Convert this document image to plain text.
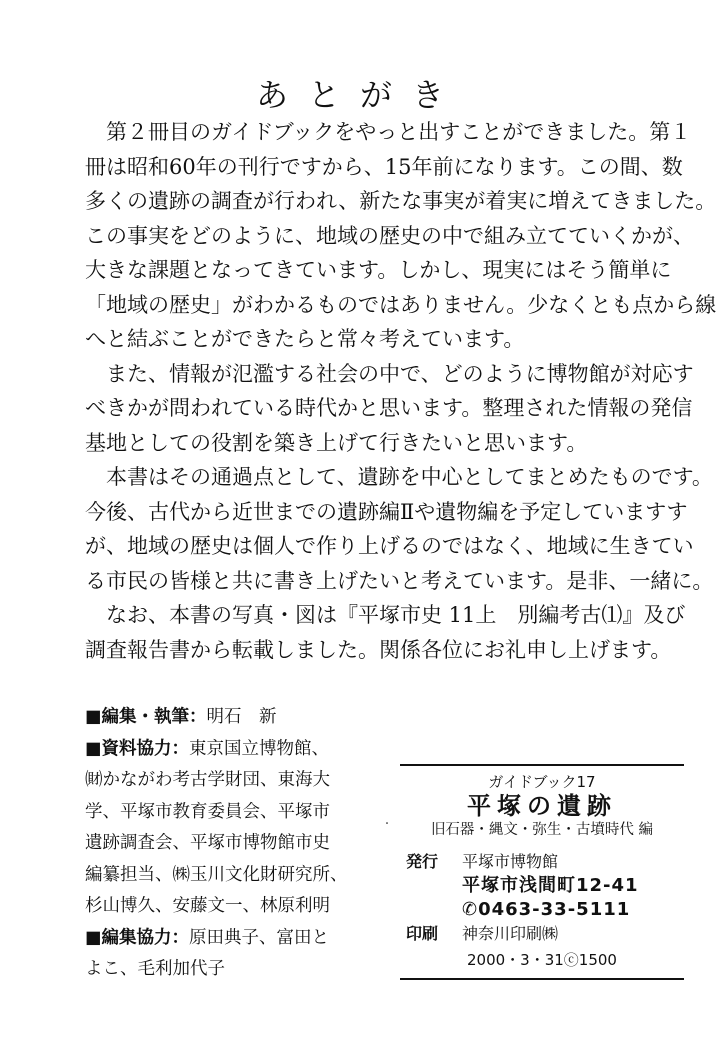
あとがき

　第２冊目のガイドブックをやっと出すことができました。第１

冊は昭和60年の刊行ですから、15年前になります。この間、数

多くの遺跡の調査が行われ、新たな事実が着実に増えてきました。

この事実をどのように、地域の歴史の中で組み立てていくかが、

大きな課題となってきています。しかし、現実にはそう簡単に

「地域の歴史」がわかるものではありません。少なくとも点から線

へと結ぶことができたらと常々考えています。

　また、情報が氾濫する社会の中で、どのように博物館が対応す

べきかが問われている時代かと思います。整理された情報の発信

基地としての役割を築き上げて行きたいと思います。

　本書はその通過点として、遺跡を中心としてまとめたものです。

今後、古代から近世までの遺跡編Ⅱや遺物編を予定していますす

が、地域の歴史は個人で作り上げるのではなく、地域に生きてい

る市民の皆様と共に書き上げたいと考えています。是非、一緒に。

　なお、本書の写真・図は『平塚市史 11上　別編考古⑴』及び

調査報告書から転載しました。関係各位にお礼申し上げます。

■編集・執筆：明石　新

■資料協力：東京国立博物館、

㈶かながわ考古学財団、東海大

学、平塚市教育委員会、平塚市

遺跡調査会、平塚市博物館市史

編纂担当、㈱玉川文化財研究所、

杉山博久、安藤文一、林原利明

■編集協力：原田典子、富田と

よこ、毛利加代子

・
ガイドブック17
平塚の遺跡
旧石器・縄文・弥生・古墳時代 編
発行	平塚市博物館
平塚市浅間町12-41
✆0463-33-5111
印刷	神奈川印刷㈱
2000・3・31ⓒ1500
